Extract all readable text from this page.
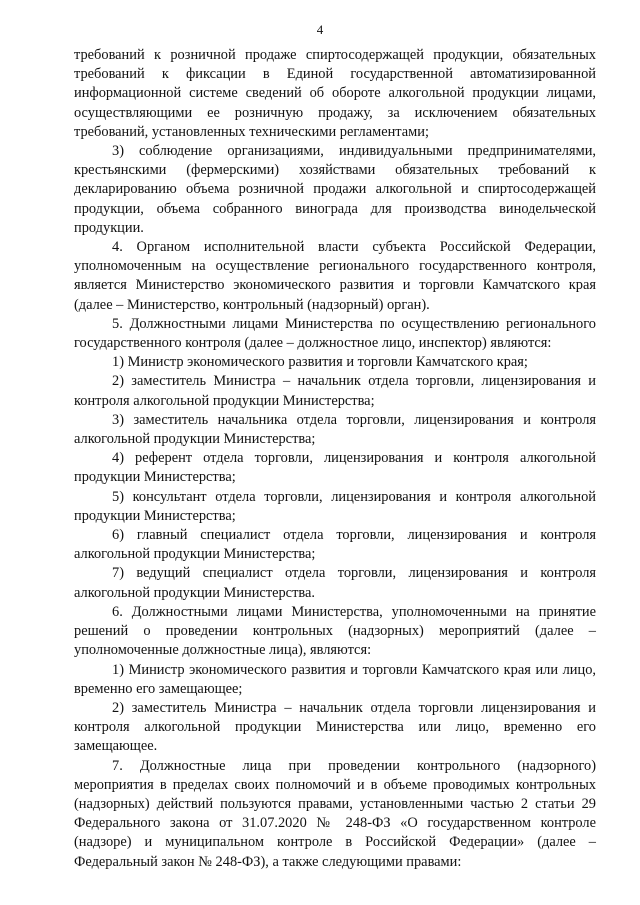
4

требований к розничной продаже спиртосодержащей продукции, обязательных требований к фиксации в Единой государственной автоматизированной информационной системе сведений об обороте алкогольной продукции лицами, осуществляющими ее розничную продажу, за исключением обязательных требований, установленных техническими регламентами;

3) соблюдение организациями, индивидуальными предпринимателями, крестьянскими (фермерскими) хозяйствами обязательных требований к декларированию объема розничной продажи алкогольной и спиртосодержащей продукции, объема собранного винограда для производства винодельческой продукции.

4. Органом исполнительной власти субъекта Российской Федерации, уполномоченным на осуществление регионального государственного контроля, является Министерство экономического развития и торговли Камчатского края (далее – Министерство, контрольный (надзорный) орган).

5. Должностными лицами Министерства по осуществлению регионального государственного контроля (далее – должностное лицо, инспектор) являются:

1) Министр экономического развития и торговли Камчатского края;

2) заместитель Министра – начальник отдела торговли, лицензирования и контроля алкогольной продукции Министерства;

3) заместитель начальника отдела торговли, лицензирования и контроля алкогольной продукции Министерства;

4) референт отдела торговли, лицензирования и контроля алкогольной продукции Министерства;

5) консультант отдела торговли, лицензирования и контроля алкогольной продукции Министерства;

6) главный специалист отдела торговли, лицензирования и контроля алкогольной продукции Министерства;

7) ведущий специалист отдела торговли, лицензирования и контроля алкогольной продукции Министерства.

6. Должностными лицами Министерства, уполномоченными на принятие решений о проведении контрольных (надзорных) мероприятий (далее – уполномоченные должностные лица), являются:

1) Министр экономического развития и торговли Камчатского края или лицо, временно его замещающее;

2) заместитель Министра – начальник отдела торговли лицензирования и контроля алкогольной продукции Министерства или лицо, временно его замещающее.

7. Должностные лица при проведении контрольного (надзорного) мероприятия в пределах своих полномочий и в объеме проводимых контрольных (надзорных) действий пользуются правами, установленными частью 2 статьи 29 Федерального закона от 31.07.2020 № 248-ФЗ «О государственном контроле (надзоре) и муниципальном контроле в Российской Федерации» (далее – Федеральный закон № 248-ФЗ), а также следующими правами:
